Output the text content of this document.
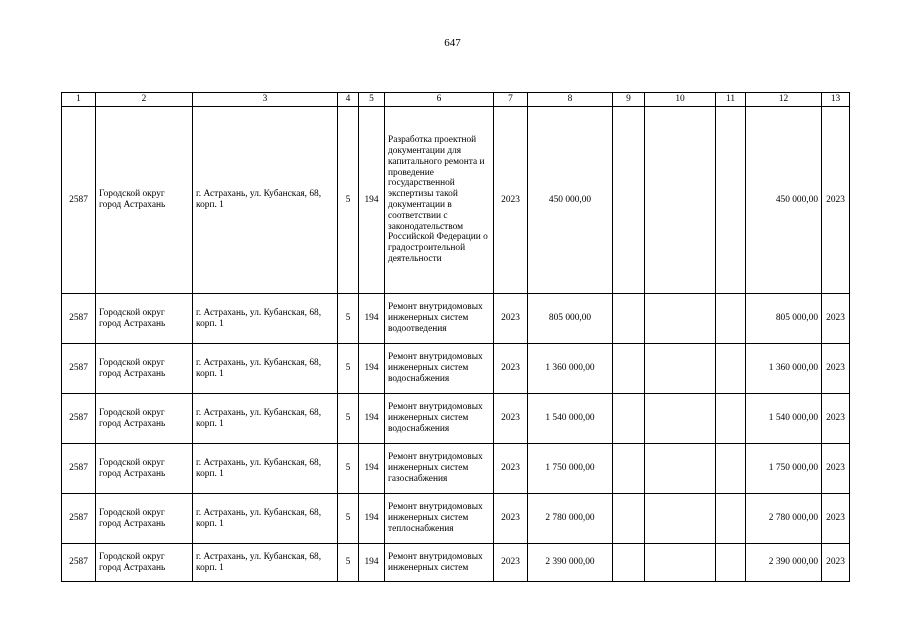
647
1	2	3	4	5	6	7	8	9	10	11	12	13
2587	Городской округ город Астрахань	г. Астрахань, ул. Кубанская, 68, корп. 1	5	194	Разработка проектной документации для капитального ремонта и проведение государственной экспертизы такой документации в соответствии с законодательством Российской Федерации о градостроительной деятельности	2023	450 000,00				450 000,00	2023
2587	Городской округ город Астрахань	г. Астрахань, ул. Кубанская, 68, корп. 1	5	194	Ремонт внутридомовых инженерных систем водоотведения	2023	805 000,00				805 000,00	2023
2587	Городской округ город Астрахань	г. Астрахань, ул. Кубанская, 68, корп. 1	5	194	Ремонт внутридомовых инженерных систем водоснабжения	2023	1 360 000,00				1 360 000,00	2023
2587	Городской округ город Астрахань	г. Астрахань, ул. Кубанская, 68, корп. 1	5	194	Ремонт внутридомовых инженерных систем водоснабжения	2023	1 540 000,00				1 540 000,00	2023
2587	Городской округ город Астрахань	г. Астрахань, ул. Кубанская, 68, корп. 1	5	194	Ремонт внутридомовых инженерных систем газоснабжения	2023	1 750 000,00				1 750 000,00	2023
2587	Городской округ город Астрахань	г. Астрахань, ул. Кубанская, 68, корп. 1	5	194	Ремонт внутридомовых инженерных систем теплоснабжения	2023	2 780 000,00				2 780 000,00	2023
2587	Городской округ город Астрахань	г. Астрахань, ул. Кубанская, 68, корп. 1	5	194	Ремонт внутридомовых инженерных систем	2023	2 390 000,00				2 390 000,00	2023
